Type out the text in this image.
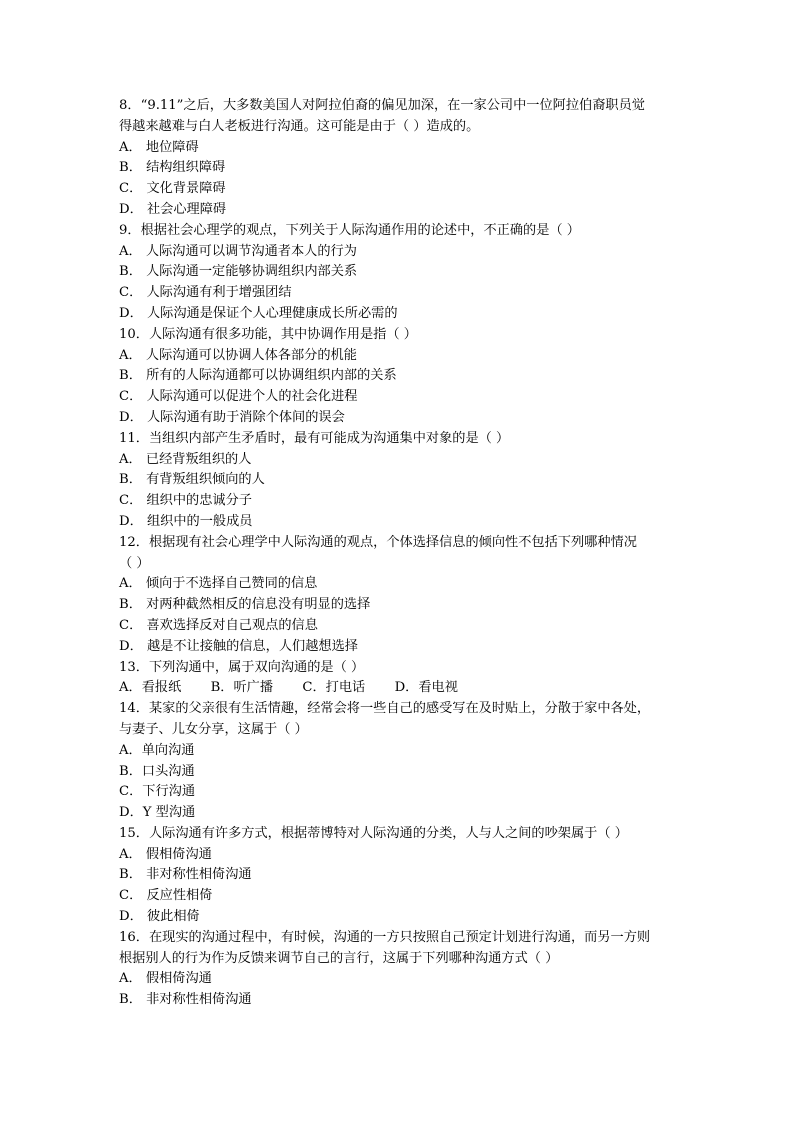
8．“9.11”之后，大多数美国人对阿拉伯裔的偏见加深，在一家公司中一位阿拉伯裔职员觉
得越来越难与白人老板进行沟通。这可能是由于（ ）造成的。
A． 地位障碍
B． 结构组织障碍
C． 文化背景障碍
D． 社会心理障碍
9．根据社会心理学的观点，下列关于人际沟通作用的论述中，不正确的是（ ）
A． 人际沟通可以调节沟通者本人的行为
B． 人际沟通一定能够协调组织内部关系
C． 人际沟通有利于增强团结
D． 人际沟通是保证个人心理健康成长所必需的
10．人际沟通有很多功能，其中协调作用是指（ ）
A． 人际沟通可以协调人体各部分的机能
B． 所有的人际沟通都可以协调组织内部的关系
C． 人际沟通可以促进个人的社会化进程
D． 人际沟通有助于消除个体间的误会
11．当组织内部产生矛盾时，最有可能成为沟通集中对象的是（ ）
A． 已经背叛组织的人
B． 有背叛组织倾向的人
C． 组织中的忠诚分子
D． 组织中的一般成员
12．根据现有社会心理学中人际沟通的观点，个体选择信息的倾向性不包括下列哪种情况
（ ）
A． 倾向于不选择自己赞同的信息
B． 对两种截然相反的信息没有明显的选择
C． 喜欢选择反对自己观点的信息
D． 越是不让接触的信息，人们越想选择
13．下列沟通中，属于双向沟通的是（ ）
A．看报纸       B．听广播       C．打电话       D．看电视
14．某家的父亲很有生活情趣，经常会将一些自己的感受写在及时贴上，分散于家中各处，
与妻子、儿女分享，这属于（ ）
A．单向沟通
B．口头沟通
C．下行沟通
D．Y 型沟通
15．人际沟通有许多方式，根据蒂博特对人际沟通的分类，人与人之间的吵架属于（ ）
A． 假相倚沟通
B． 非对称性相倚沟通
C． 反应性相倚
D． 彼此相倚
16．在现实的沟通过程中，有时候，沟通的一方只按照自己预定计划进行沟通，而另一方则
根据别人的行为作为反馈来调节自己的言行，这属于下列哪种沟通方式（ ）
A． 假相倚沟通
B． 非对称性相倚沟通
